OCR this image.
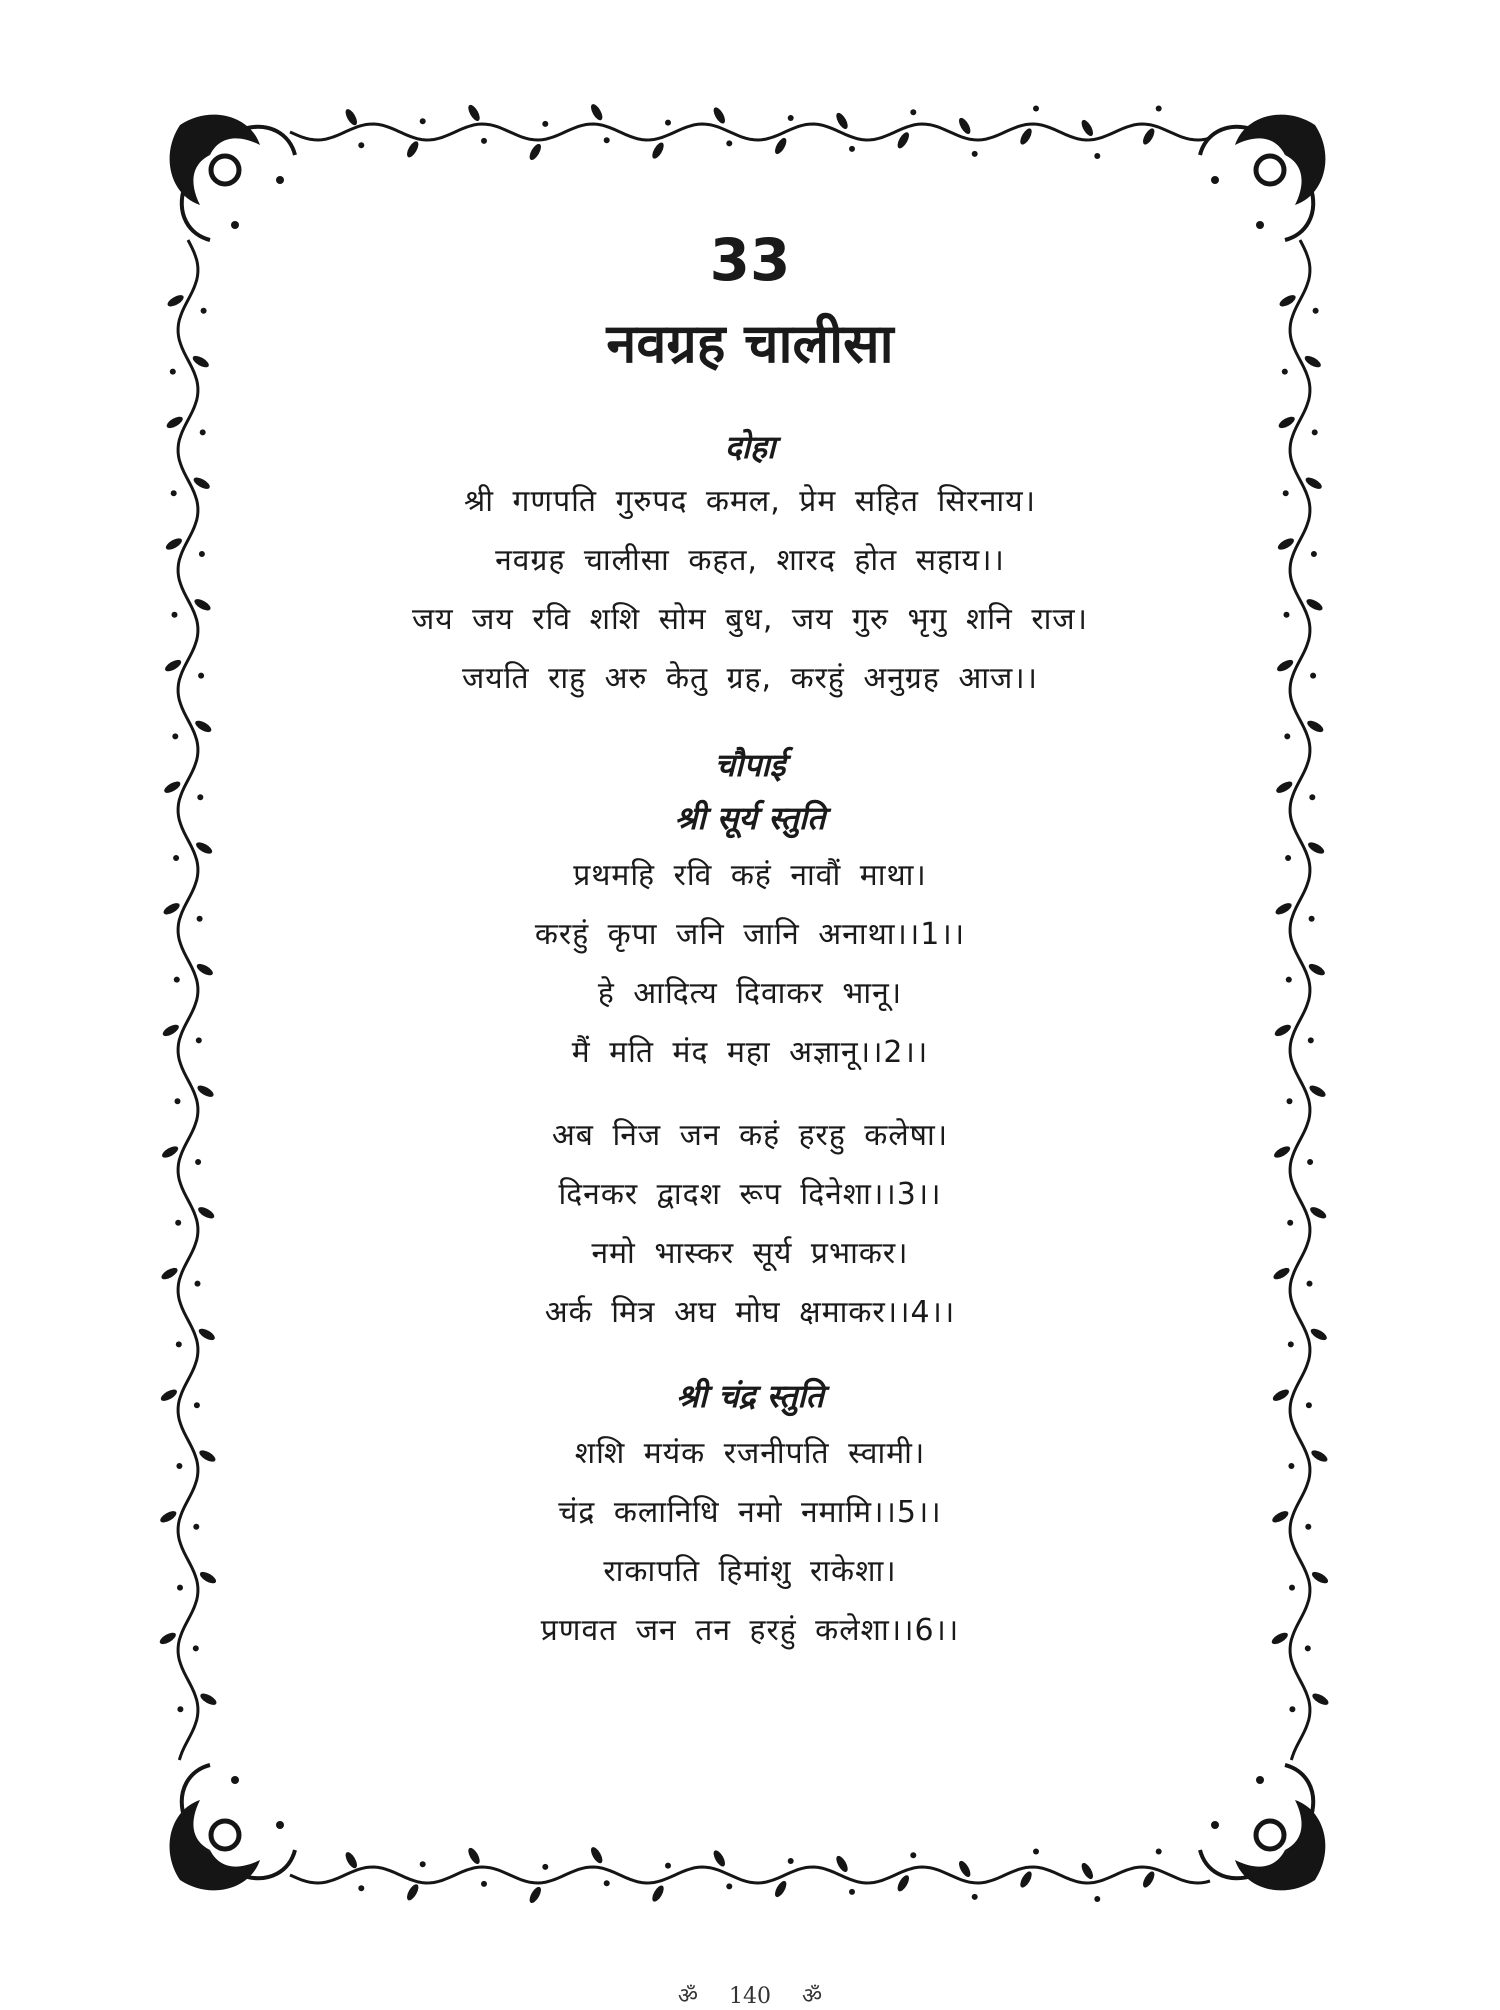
33
नवग्रह चालीसा
दोहा
श्री गणपति गुरुपद कमल, प्रेम सहित सिरनाय।
नवग्रह चालीसा कहत, शारद होत सहाय।।
जय जय रवि शशि सोम बुध, जय गुरु भृगु शनि राज।
जयति राहु अरु केतु ग्रह, करहुं अनुग्रह आज।।
चौपाई
श्री सूर्य स्तुति
प्रथमहि रवि कहं नावौं माथा।
करहुं कृपा जनि जानि अनाथा।।1।।
हे आदित्य दिवाकर भानू।
मैं मति मंद महा अज्ञानू।।2।।
अब निज जन कहं हरहु कलेषा।
दिनकर द्वादश रूप दिनेशा।।3।।
नमो भास्कर सूर्य प्रभाकर।
अर्क मित्र अघ मोघ क्षमाकर।।4।।
श्री चंद्र स्तुति
शशि मयंक रजनीपति स्वामी।
चंद्र कलानिधि नमो नमामि।।5।।
राकापति हिमांशु राकेशा।
प्रणवत जन तन हरहुं कलेशा।।6।।
ॐ 140 ॐ
